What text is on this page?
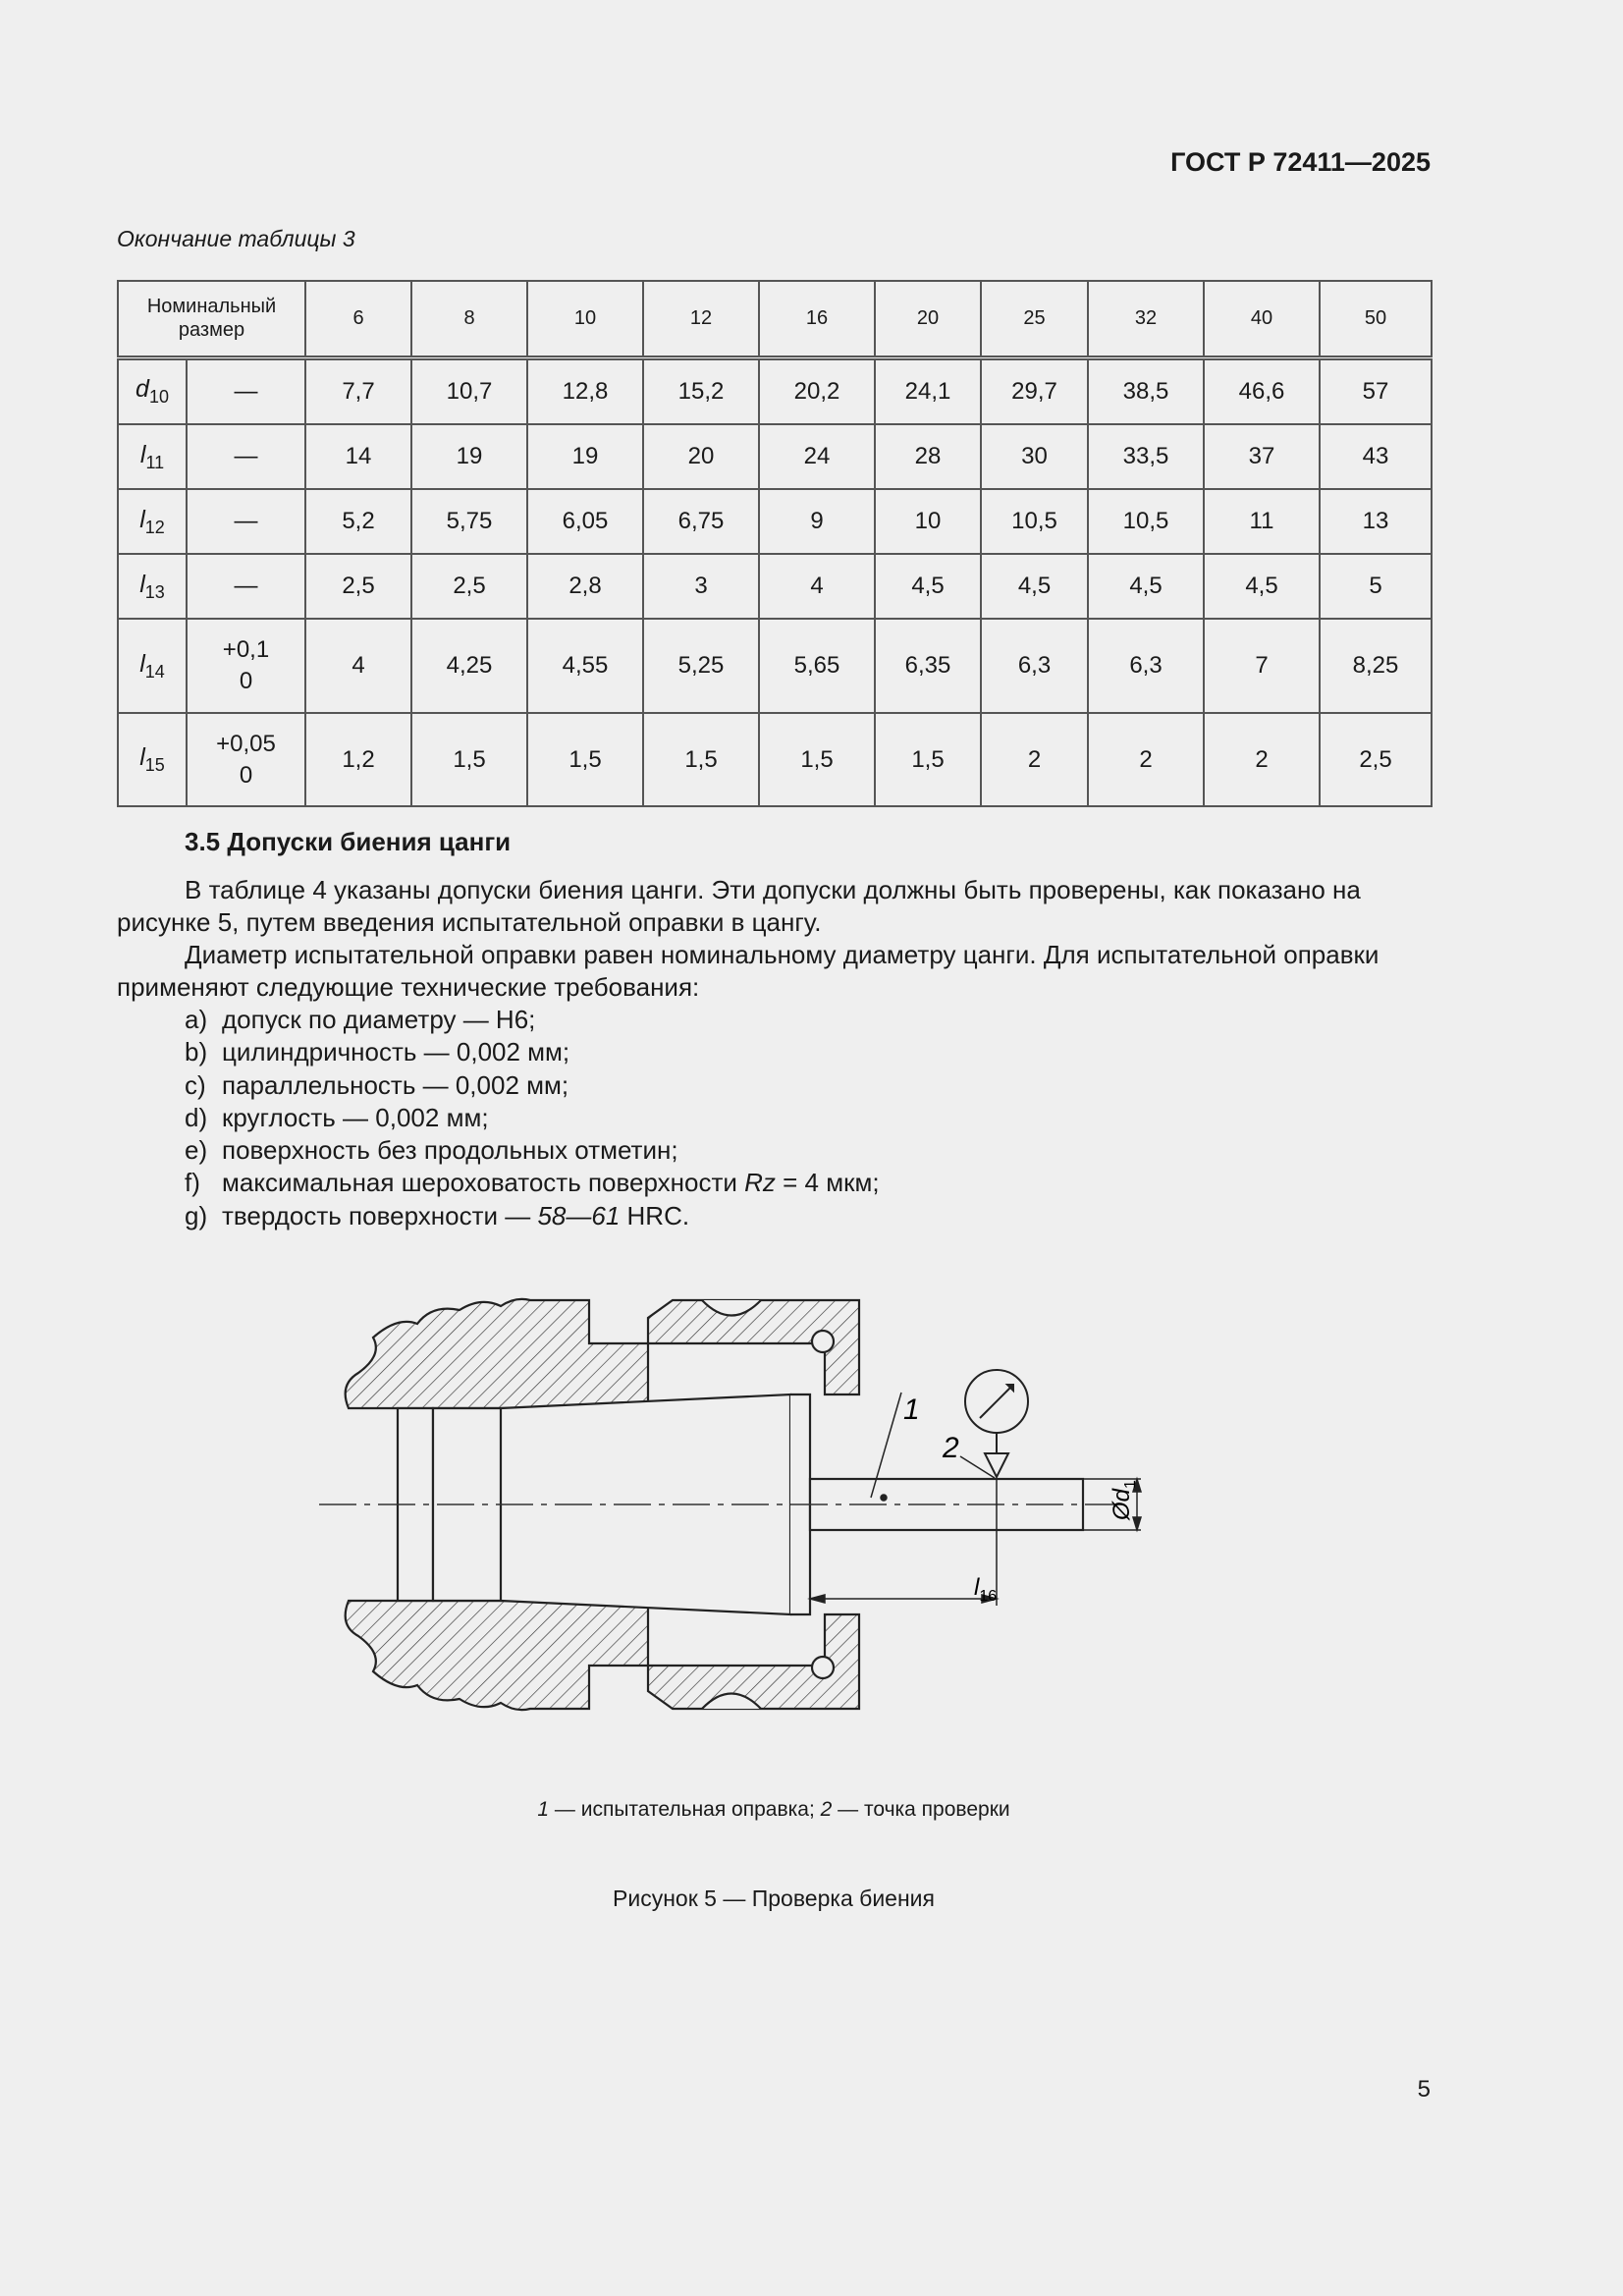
ГОСТ Р 72411—2025
Окончание таблицы 3
Номинальный размер		6	8	10	12	16	20	25	32	40	50
$d_{10}$	—	7,7	10,7	12,8	15,2	20,2	24,1	29,7	38,5	46,6	57
$l_{11}$	—	14	19	19	20	24	28	30	33,5	37	43
$l_{12}$	—	5,2	5,75	6,05	6,75	9	10	10,5	10,5	11	13
$l_{13}$	—	2,5	2,5	2,8	3	4	4,5	4,5	4,5	4,5	5
$l_{14}$	+0,1
0	4	4,25	4,55	5,25	5,65	6,35	6,3	6,3	7	8,25
$l_{15}$	+0,05
0	1,2	1,5	1,5	1,5	1,5	1,5	2	2	2	2,5
3.5 Допуски биения цанги
В таблице 4 указаны допуски биения цанги. Эти допуски должны быть проверены, как показано на рисунке 5, путем введения испытательной оправки в цангу.
Диаметр испытательной оправки равен номинальному диаметру цанги. Для испытательной оправки применяют следующие технические требования:
а) допуск по диаметру — H6;
b) цилиндричность — 0,002 мм;
c) параллельность — 0,002 мм;
d) круглость — 0,002 мм;
e) поверхность без продольных отметин;
f) максимальная шероховатость поверхности Rz = 4 мкм;
g) твердость поверхности — 58—61 HRC.
1
2
$l_{16}$
$Ød_1$
1 — испытательная оправка; 2 — точка проверки
Рисунок 5 — Проверка биения
5
